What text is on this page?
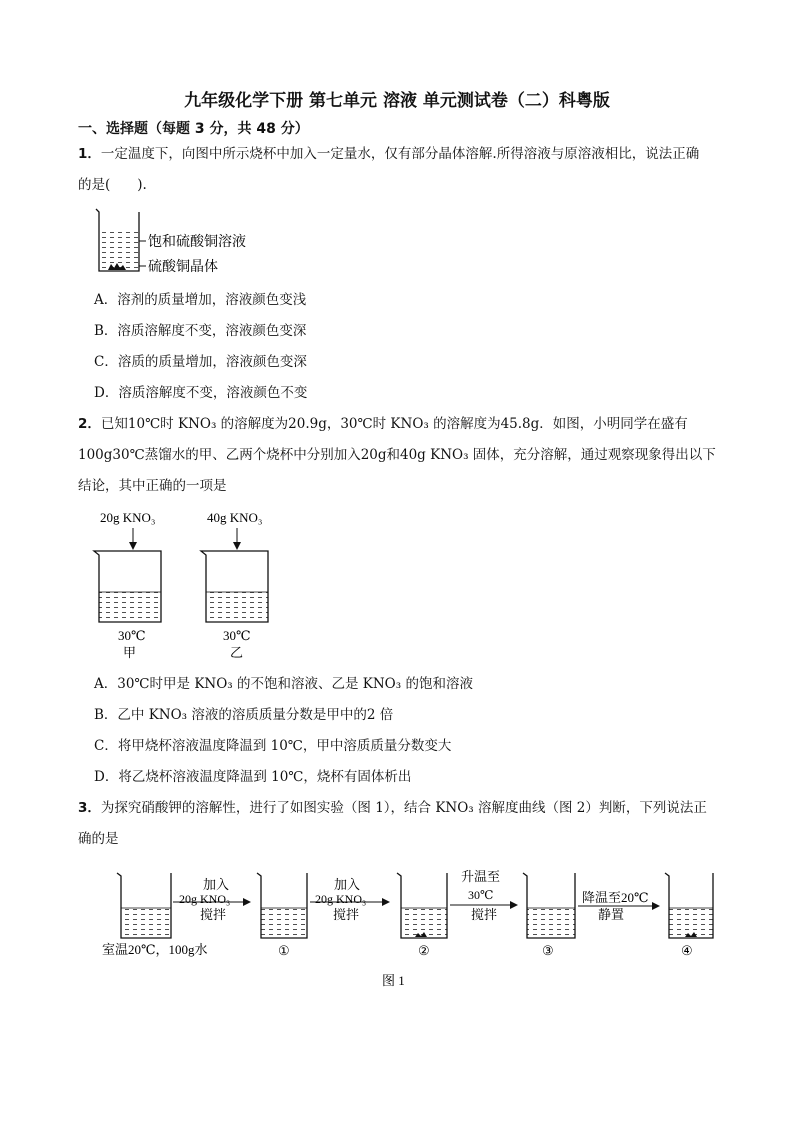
九年级化学下册 第七单元 溶液 单元测试卷（二）科粤版
一、选择题（每题 3 分，共 48 分）
1．一定温度下，向图中所示烧杯中加入一定量水，仅有部分晶体溶解.所得溶液与原溶液相比，说法正确
的是(　　).
饱和硫酸铜溶液
硫酸铜晶体
A．溶剂的质量增加，溶液颜色变浅
B．溶质溶解度不变，溶液颜色变深
C．溶质的质量增加，溶液颜色变深
D．溶质溶解度不变，溶液颜色不变
2．已知10℃时 KNO₃ 的溶解度为20.9g，30℃时 KNO₃ 的溶解度为45.8g．如图，小明同学在盛有
100g30℃蒸馏水的甲、乙两个烧杯中分别加入20g和40g KNO₃ 固体，充分溶解，通过观察现象得出以下
结论，其中正确的一项是
20g KNO₃
30℃
甲
40g KNO₃
30℃
乙
A．30℃时甲是 KNO₃ 的不饱和溶液、乙是 KNO₃ 的饱和溶液
B．乙中 KNO₃ 溶液的溶质质量分数是甲中的2 倍
C．将甲烧杯溶液温度降温到 10℃，甲中溶质质量分数变大
D．将乙烧杯溶液温度降温到 10℃，烧杯有固体析出
3．为探究硝酸钾的溶解性，进行了如图实验（图 1），结合 KNO₃ 溶解度曲线（图 2）判断，下列说法正
确的是
室温20℃，100g水
加入
20g KNO₃
搅拌
①
加入
20g KNO₃
搅拌
②
升温至
30℃
搅拌
③
降温至20℃
静置
④
图 1
